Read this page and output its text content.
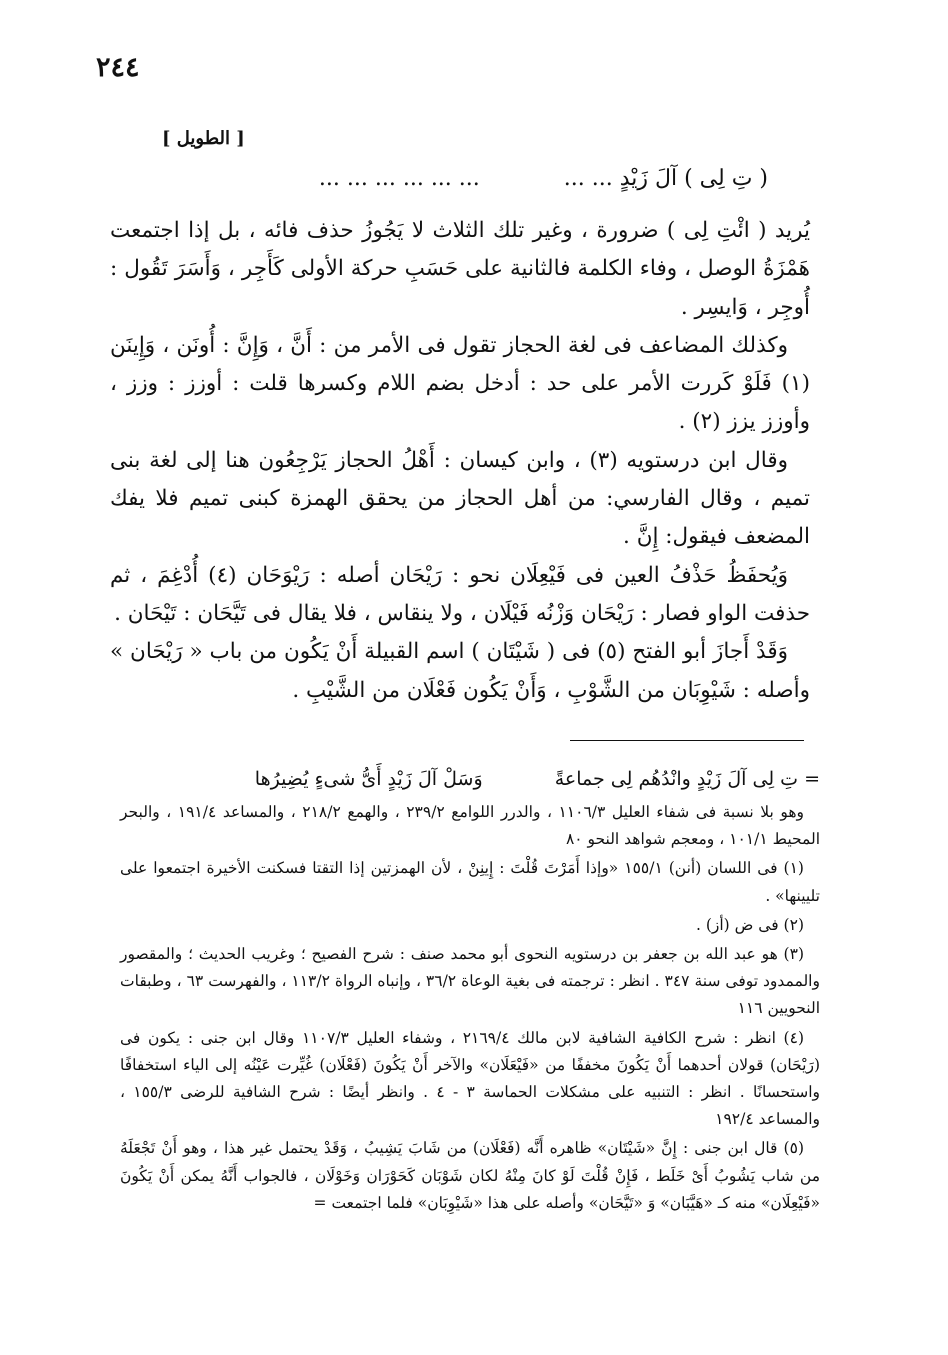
٢٤٤
[ الطويل ]
( تِ لِى ) آلَ زَيْدٍ ... ...  ... ... ... ... ... ...

يُريد ( ائْتِ لِى ) ضرورة ، وغير تلك الثلاث لا يَجُوزُ حذف فائه ، بل إذا اجتمعت هَمْزَةُ الوصل ، وفاء الكلمة فالثانية على حَسَبِ حركة الأولى كَأَجِر ، وَأَسَرَ تَقُول : أُوجِر ، وَايسِر .

وكذلك المضاعف فى لغة الحجاز تقول فى الأمر من : أَنَّ ، وَإِنَّ : أُونَن ، وَإِينَن (١) فَلَوْ كَررت الأمر على حد : أدخل بضم اللام وكسرها قلت : أوزز : وزز ، وأوزز يزز (٢) .

وقال ابن درستويه (٣) ، وابن كيسان : أَهْلُ الحجاز يَرْجِعُون هنا إلى لغة بنى تميم ، وقال الفارسي: من أهل الحجاز من يحقق الهمزة كبنى تميم فلا يفك المضعف فيقول: إِنَّ .

وَيُحفَظُ حَذْفُ العين فى فَيْعِلَان نحو : رَيْحَان أصله : رَيْوَحَان (٤) أُدْغِمَ ، ثم حذفت الواو فصار : رَيْحَان وَزْنُه فَيْلَان ، ولا ينقاس ، فلا يقال فى تَيَّحَان : تَيْحَان .

وَقَدْ أَجازَ أبو الفتح (٥) فى ( شَيْتَان ) اسم القبيلة أَنْ يَكُون من باب « رَيْحَان » وأصله : شَيْوِبَان من الشَّوْبِ ، وَأَنْ يَكُون فَعْلَان من الشَّيْبِ .

= تِ لِى آلَ زَيْدٍ وانْدُهُم لِى جماعةً  وَسَلْ آلَ زَيْدٍ أَىُّ شىءٍ يُضِيرُها

وهو بلا نسبة فى شفاء العليل ١١٠٦/٣ ، والدرر اللوامع ٢٣٩/٢ ، والهمع ٢١٨/٢ ، والمساعد ١٩١/٤ ، والبحر المحيط ١٠١/١ ، ومعجم شواهد النحو ٨٠

(١) فى اللسان (أنن) ١٥٥/١ «وإذا أَمَرْتَ قُلْتَ : إِينِنْ ، لأن الهمزتين إذا التقتا فسكنت الأخيرة اجتمعوا على تليينها» .

(٢) فى ض (أز) .

(٣) هو عبد الله بن جعفر بن درستويه النحوى أبو محمد صنف : شرح الفصيح ؛ وغريب الحديث ؛ والمقصور والممدود توفى سنة ٣٤٧ . انظر : ترجمته فى بغية الوعاة ٣٦/٢ ، وإنباه الرواة ١١٣/٢ ، والفهرست ٦٣ ، وطبقات النحويين ١١٦

(٤) انظر : شرح الكافية الشافية لابن مالك ٢١٦٩/٤ ، وشفاء العليل ١١٠٧/٣ وقال ابن جنى : يكون فى (رَيْحَان) قولان أحدهما أَنْ يَكُونَ مخففًا من «فَيْعَلَان» والآخر أَنْ يَكُونَ (فَعْلَان) غُيِّرت عَيْنُه إلى الياء استخفافًا واستحسانًا . انظر : التنبيه على مشكلات الحماسة ٣ - ٤ . وانظر أيضًا : شرح الشافية للرضى ١٥٥/٣ ، والمساعد ١٩٢/٤

(٥) قال ابن جنى : إِنَّ «شَيْتَان» ظاهره أَنَّه (فَعْلَان) من شَابَ يَشِيبُ ، وَقَدْ يحتمل غير هذا ، وهو أَنْ تَجْعَلَهُ من شاب يَشُوبُ أَىْ خَلَط ، فَإِنْ قُلْتَ لَوْ كانَ مِنْهُ لكان شَوْبَان كَحَوْرَان وَخَوْلَان ، فالجواب أَنَّهُ يمكن أَنْ يَكُونَ «فَيْعِلَان» منه كـ «هَيَّبَان» وَ «تَيَّحَان» وأصله على هذا «شَيْوِبَان» فلما اجتمعت =
